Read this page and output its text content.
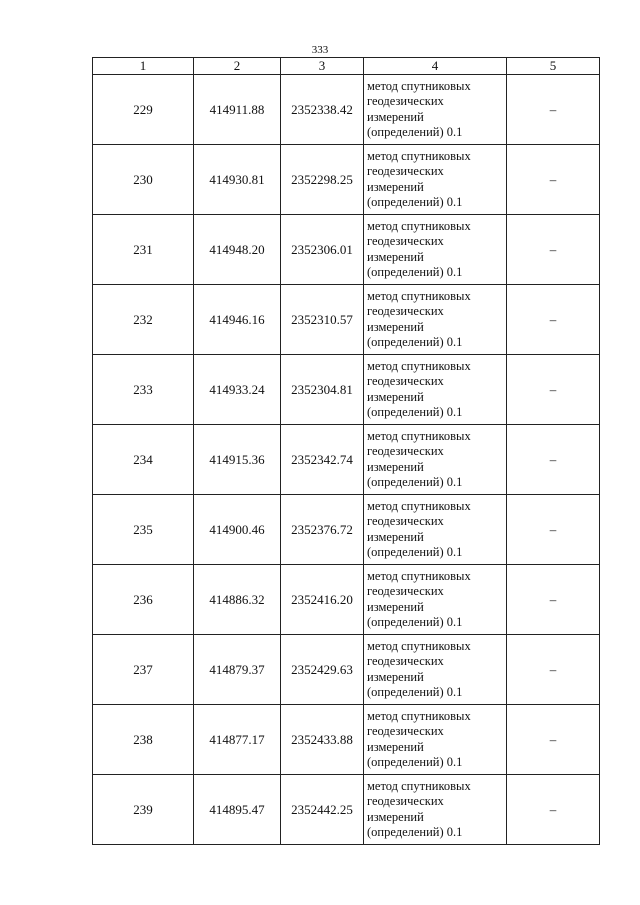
333
1	2	3	4	5
229	414911.88	2352338.42	метод спутниковых
геодезических
измерений
(определений) 0.1	–
230	414930.81	2352298.25	метод спутниковых
геодезических
измерений
(определений) 0.1	–
231	414948.20	2352306.01	метод спутниковых
геодезических
измерений
(определений) 0.1	–
232	414946.16	2352310.57	метод спутниковых
геодезических
измерений
(определений) 0.1	–
233	414933.24	2352304.81	метод спутниковых
геодезических
измерений
(определений) 0.1	–
234	414915.36	2352342.74	метод спутниковых
геодезических
измерений
(определений) 0.1	–
235	414900.46	2352376.72	метод спутниковых
геодезических
измерений
(определений) 0.1	–
236	414886.32	2352416.20	метод спутниковых
геодезических
измерений
(определений) 0.1	–
237	414879.37	2352429.63	метод спутниковых
геодезических
измерений
(определений) 0.1	–
238	414877.17	2352433.88	метод спутниковых
геодезических
измерений
(определений) 0.1	–
239	414895.47	2352442.25	метод спутниковых
геодезических
измерений
(определений) 0.1	–
